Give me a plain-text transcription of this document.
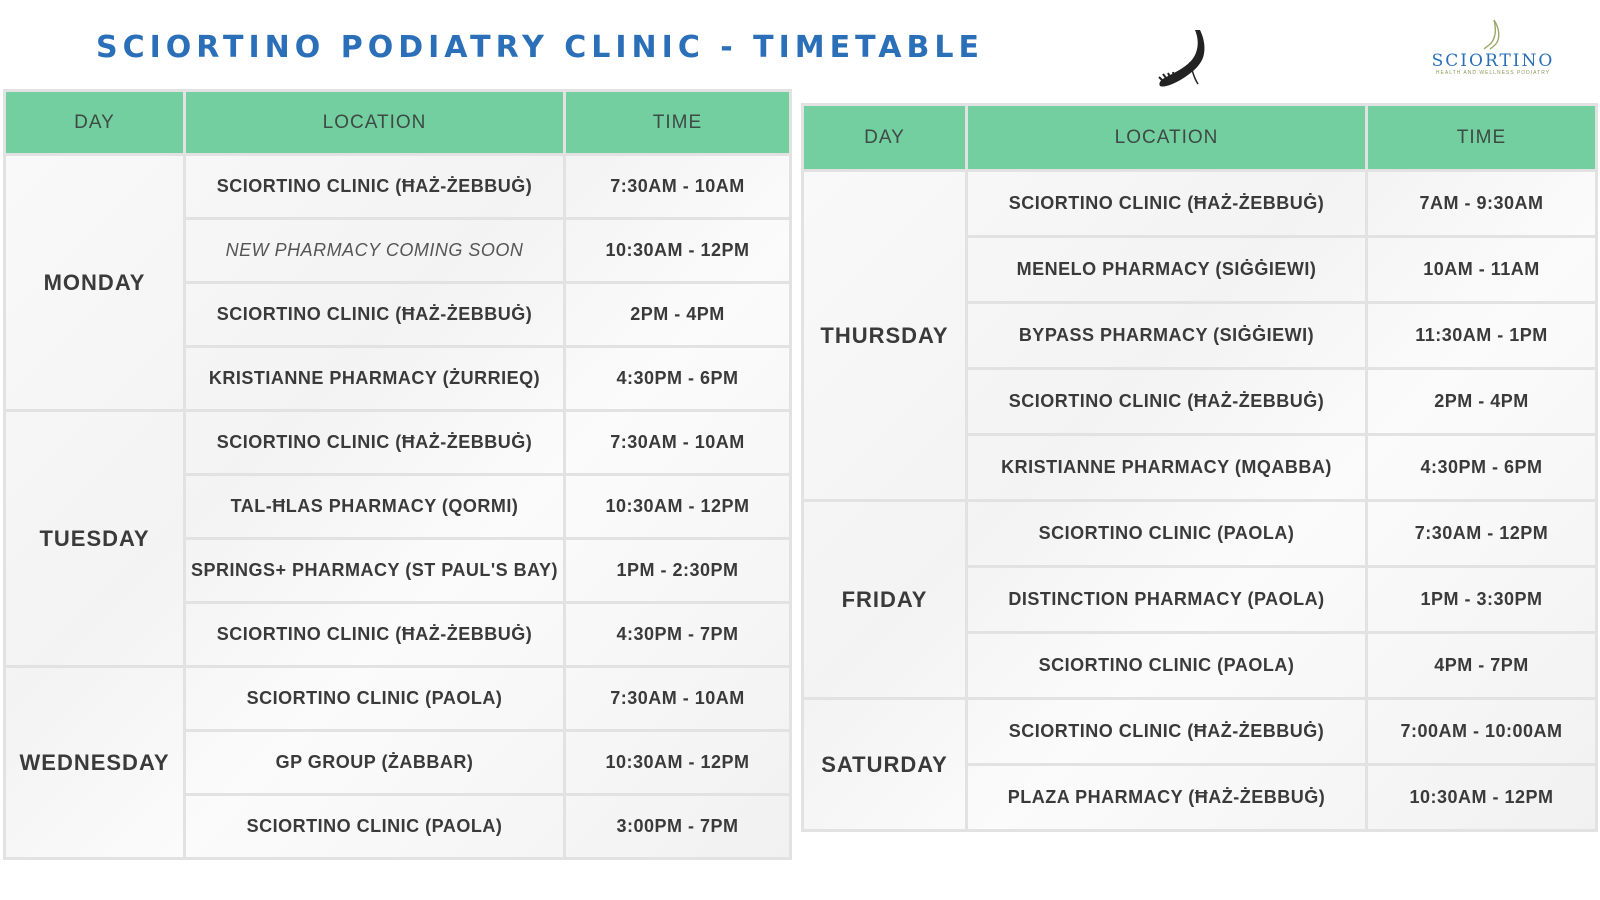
SCIORTINO PODIATRY CLINIC - TIMETABLE	SCIORTINO
HEALTH AND WELLNESS PODIATRY
DAY	LOCATION	TIME
MONDAY	SCIORTINO CLINIC (ĦAŻ-ŻEBBUĠ)	7:30AM - 10AM
	NEW PHARMACY COMING SOON	10:30AM - 12PM
	SCIORTINO CLINIC (ĦAŻ-ŻEBBUĠ)	2PM - 4PM
	KRISTIANNE PHARMACY (ŻURRIEQ)	4:30PM - 6PM
TUESDAY	SCIORTINO CLINIC (ĦAŻ-ŻEBBUĠ)	7:30AM - 10AM
	TAL-ĦLAS PHARMACY (QORMI)	10:30AM - 12PM
	SPRINGS+ PHARMACY (ST PAUL'S BAY)	1PM - 2:30PM
	SCIORTINO CLINIC (ĦAŻ-ŻEBBUĠ)	4:30PM - 7PM
WEDNESDAY	SCIORTINO CLINIC (PAOLA)	7:30AM - 10AM
	GP GROUP (ŻABBAR)	10:30AM - 12PM
	SCIORTINO CLINIC (PAOLA)	3:00PM - 7PM
DAY	LOCATION	TIME
THURSDAY	SCIORTINO CLINIC (ĦAŻ-ŻEBBUĠ)	7AM - 9:30AM
	MENELO PHARMACY (SIĠĠIEWI)	10AM - 11AM
	BYPASS PHARMACY (SIĠĠIEWI)	11:30AM - 1PM
	SCIORTINO CLINIC (ĦAŻ-ŻEBBUĠ)	2PM - 4PM
	KRISTIANNE PHARMACY (MQABBA)	4:30PM - 6PM
FRIDAY	SCIORTINO CLINIC (PAOLA)	7:30AM - 12PM
	DISTINCTION PHARMACY (PAOLA)	1PM - 3:30PM
	SCIORTINO CLINIC (PAOLA)	4PM - 7PM
SATURDAY	SCIORTINO CLINIC (ĦAŻ-ŻEBBUĠ)	7:00AM - 10:00AM
	PLAZA PHARMACY (ĦAŻ-ŻEBBUĠ)	10:30AM - 12PM
